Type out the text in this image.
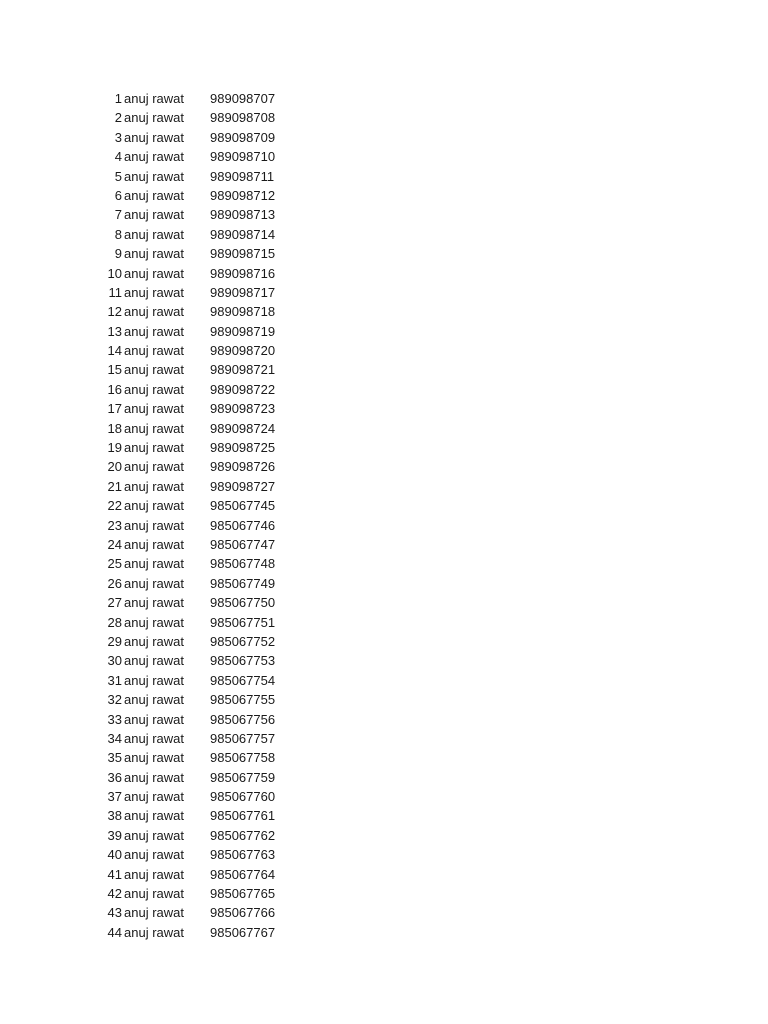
1 anuj rawat 989098707
2 anuj rawat 989098708
3 anuj rawat 989098709
4 anuj rawat 989098710
5 anuj rawat 989098711
6 anuj rawat 989098712
7 anuj rawat 989098713
8 anuj rawat 989098714
9 anuj rawat 989098715
10 anuj rawat 989098716
11 anuj rawat 989098717
12 anuj rawat 989098718
13 anuj rawat 989098719
14 anuj rawat 989098720
15 anuj rawat 989098721
16 anuj rawat 989098722
17 anuj rawat 989098723
18 anuj rawat 989098724
19 anuj rawat 989098725
20 anuj rawat 989098726
21 anuj rawat 989098727
22 anuj rawat 985067745
23 anuj rawat 985067746
24 anuj rawat 985067747
25 anuj rawat 985067748
26 anuj rawat 985067749
27 anuj rawat 985067750
28 anuj rawat 985067751
29 anuj rawat 985067752
30 anuj rawat 985067753
31 anuj rawat 985067754
32 anuj rawat 985067755
33 anuj rawat 985067756
34 anuj rawat 985067757
35 anuj rawat 985067758
36 anuj rawat 985067759
37 anuj rawat 985067760
38 anuj rawat 985067761
39 anuj rawat 985067762
40 anuj rawat 985067763
41 anuj rawat 985067764
42 anuj rawat 985067765
43 anuj rawat 985067766
44 anuj rawat 985067767
